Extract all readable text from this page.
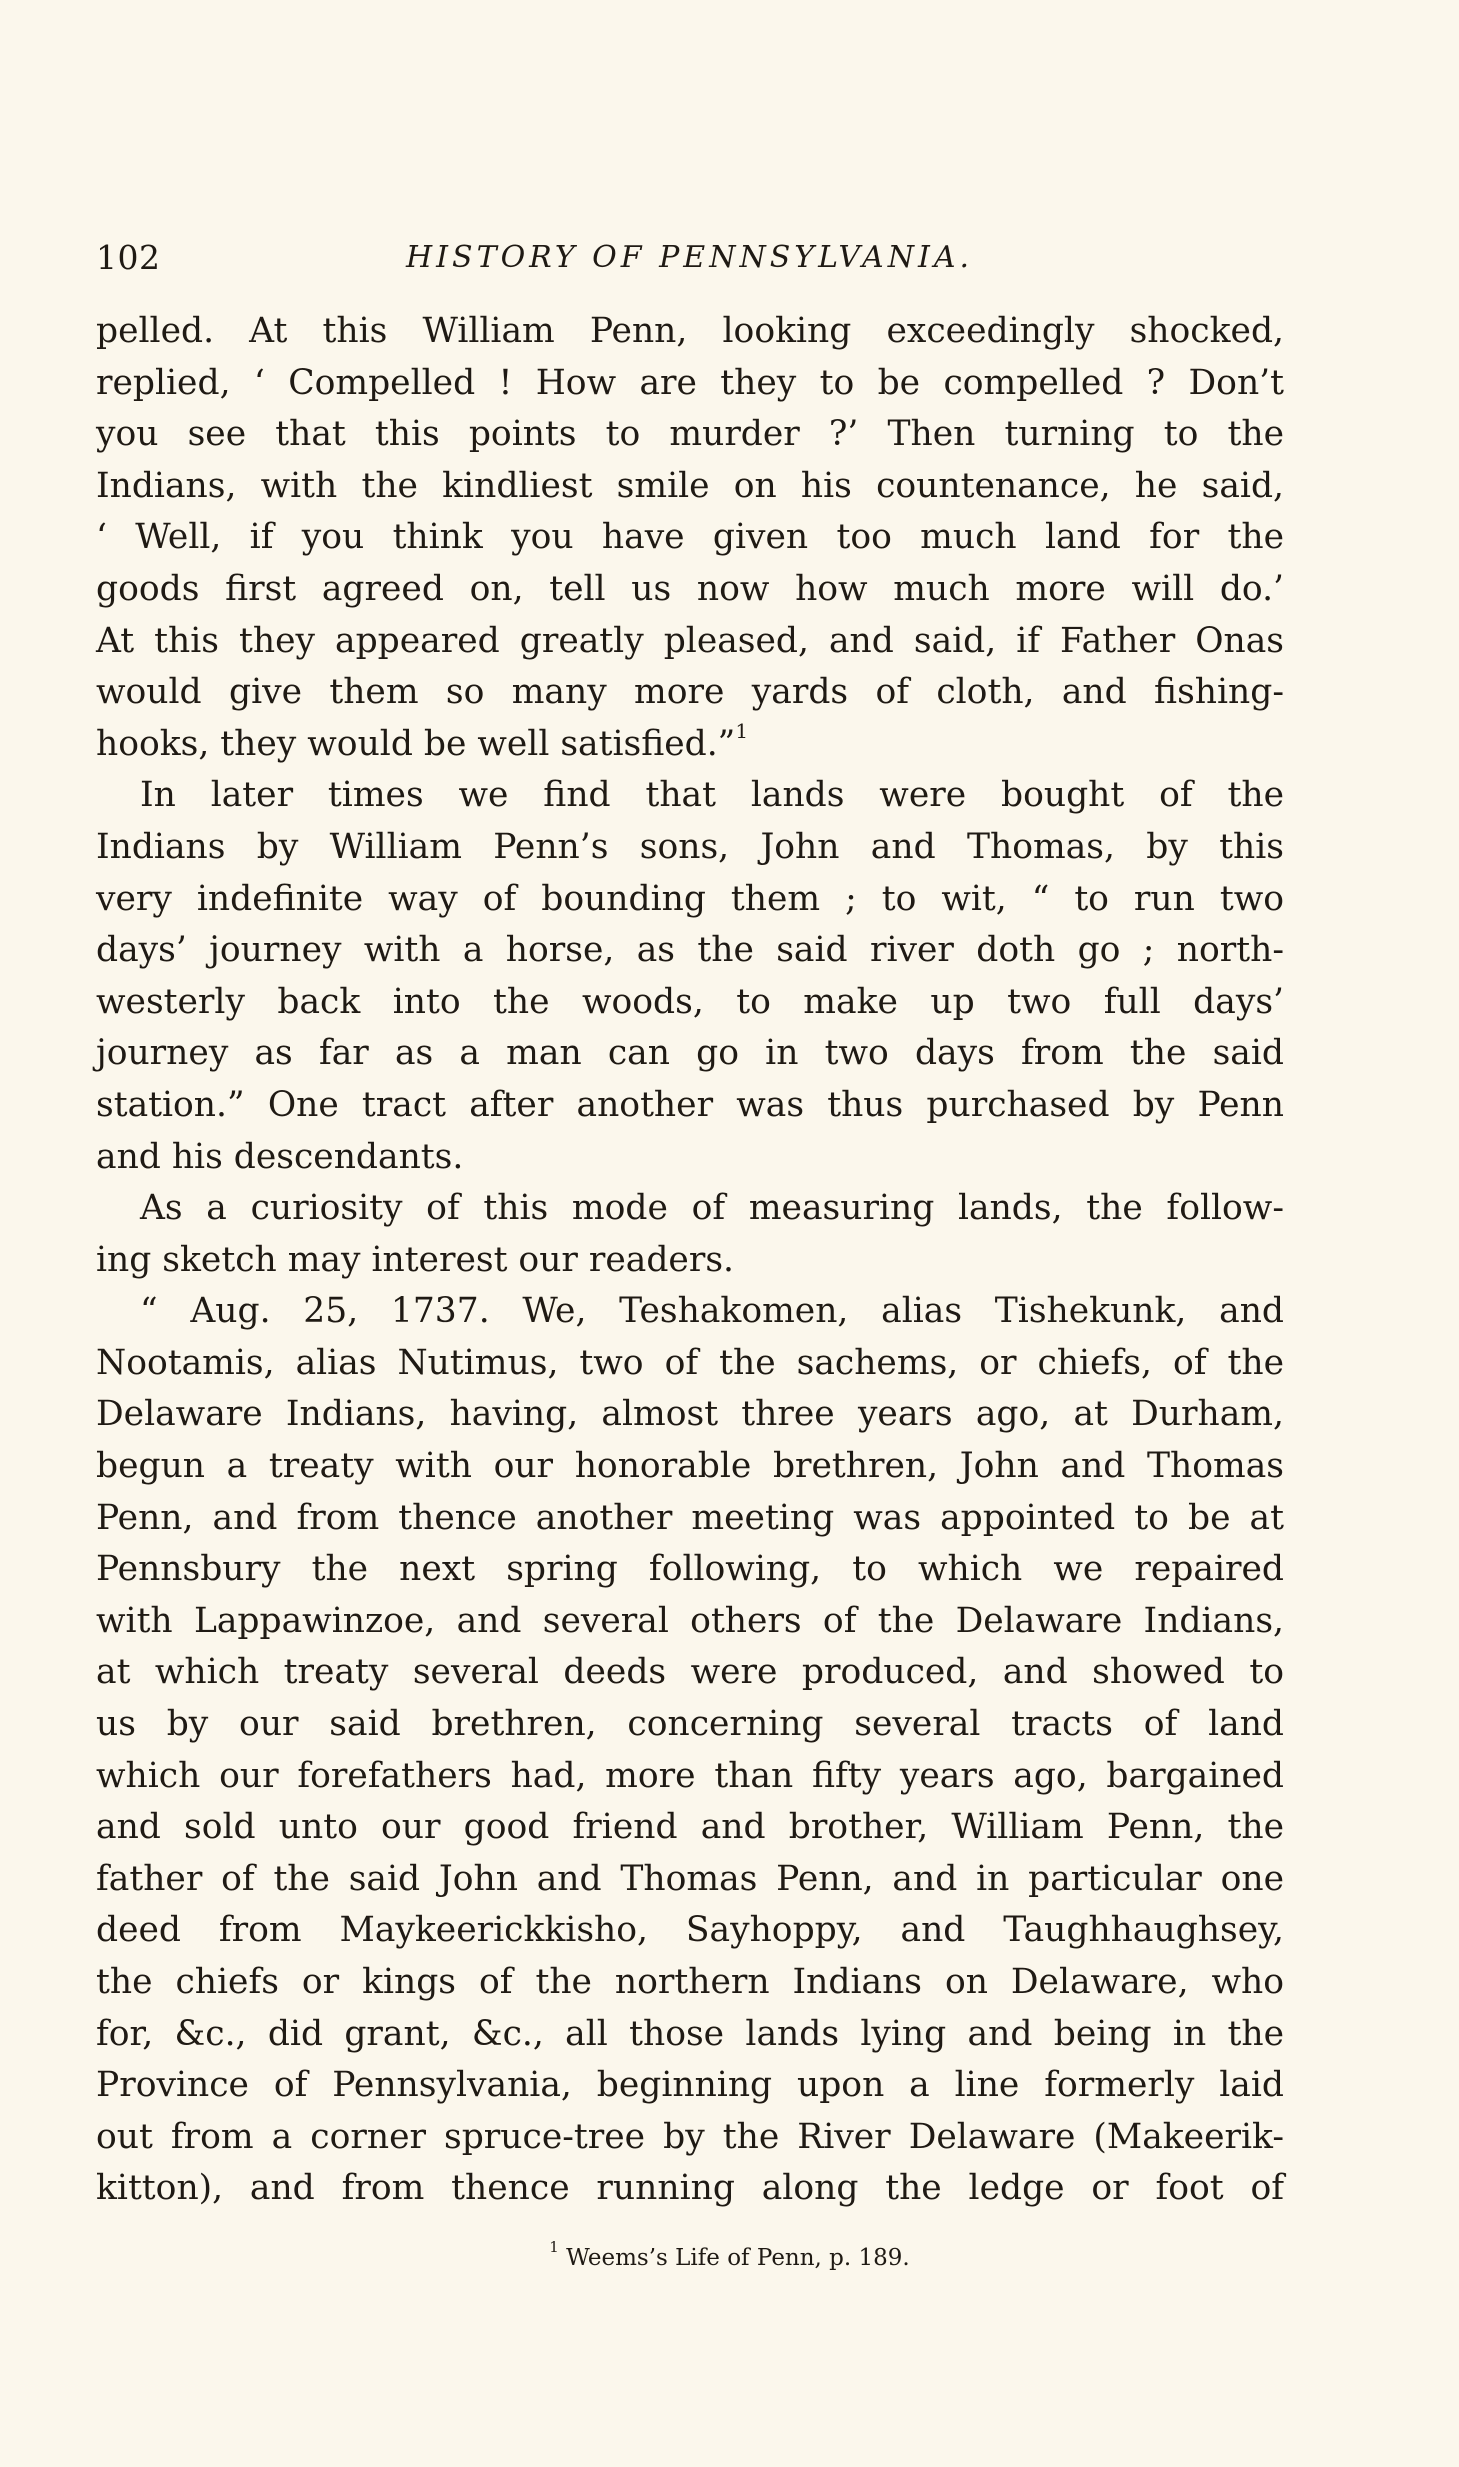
102	HISTORY OF PENNSYLVANIA.
pelled. At this William Penn, looking exceedingly shocked,
replied, ‘ Compelled ! How are they to be compelled ? Don’t
you see that this points to murder ?’ Then turning to the
Indians, with the kindliest smile on his countenance, he said,
‘ Well, if you think you have given too much land for the
goods first agreed on, tell us now how much more will do.’
At this they appeared greatly pleased, and said, if Father Onas
would give them so many more yards of cloth, and fishing-
hooks, they would be well satisfied.”$^1$
In later times we find that lands were bought of the
Indians by William Penn’s sons, John and Thomas, by this
very indefinite way of bounding them ; to wit, “ to run two
days’ journey with a horse, as the said river doth go ; north-
westerly back into the woods, to make up two full days’
journey as far as a man can go in two days from the said
station.” One tract after another was thus purchased by Penn
and his descendants.
As a curiosity of this mode of measuring lands, the follow-
ing sketch may interest our readers.
“ Aug. 25, 1737. We, Teshakomen, alias Tishekunk, and
Nootamis, alias Nutimus, two of the sachems, or chiefs, of the
Delaware Indians, having, almost three years ago, at Durham,
begun a treaty with our honorable brethren, John and Thomas
Penn, and from thence another meeting was appointed to be at
Pennsbury the next spring following, to which we repaired
with Lappawinzoe, and several others of the Delaware Indians,
at which treaty several deeds were produced, and showed to
us by our said brethren, concerning several tracts of land
which our forefathers had, more than fifty years ago, bargained
and sold unto our good friend and brother, William Penn, the
father of the said John and Thomas Penn, and in particular one
deed from Maykeerickkisho, Sayhoppy, and Taughhaughsey,
the chiefs or kings of the northern Indians on Delaware, who
for, &c., did grant, &c., all those lands lying and being in the
Province of Pennsylvania, beginning upon a line formerly laid
out from a corner spruce-tree by the River Delaware (Makeerik-
kitton), and from thence running along the ledge or foot of
$^1$ Weems’s Life of Penn, p. 189.
